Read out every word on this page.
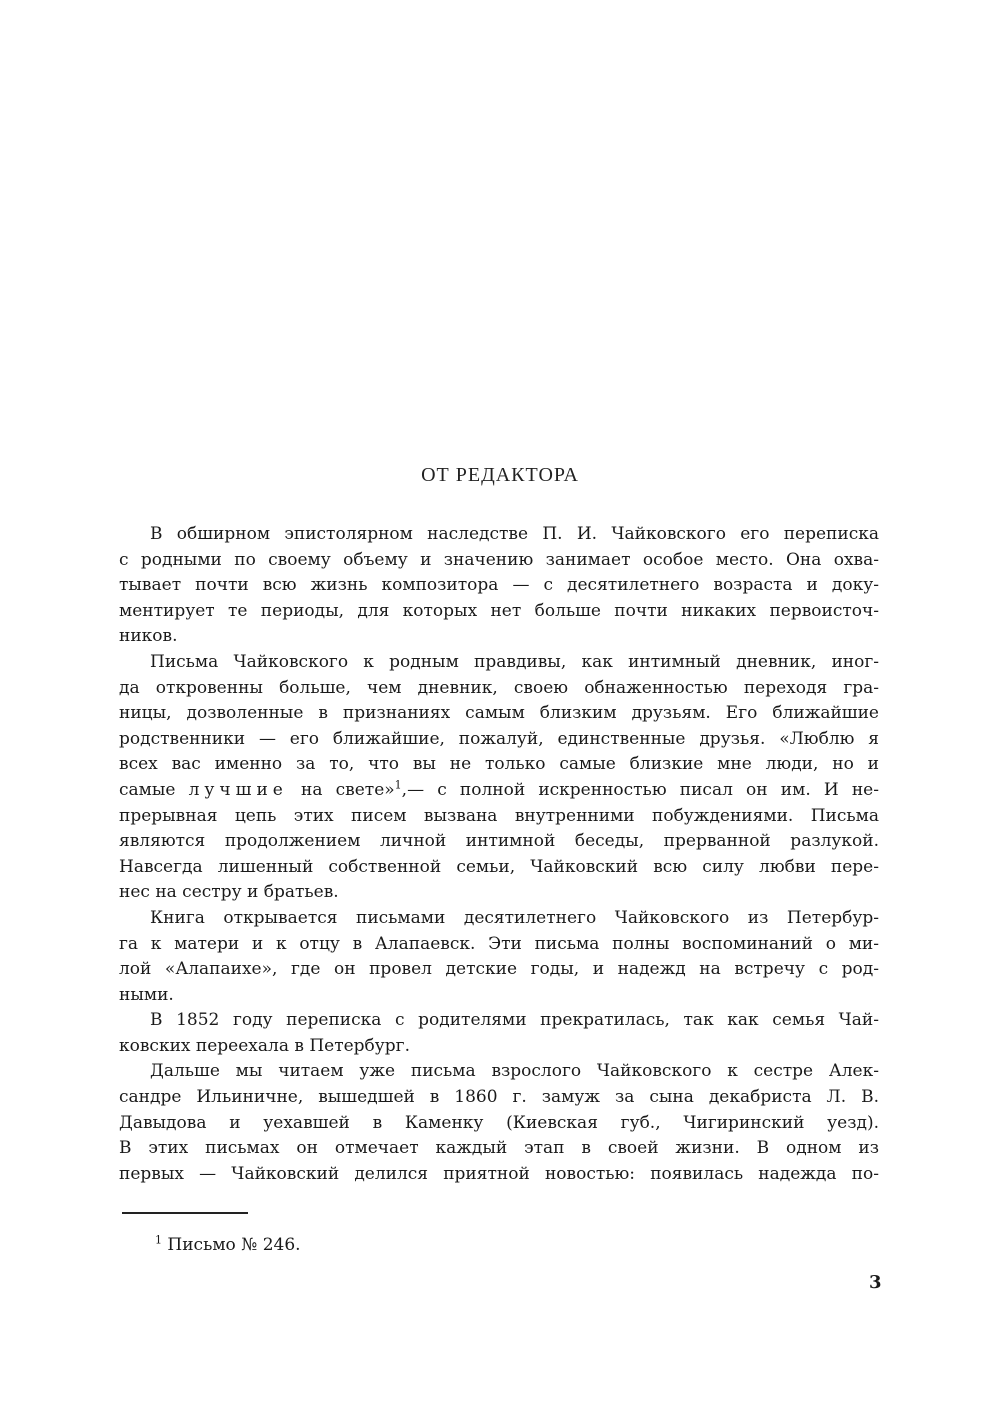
ОТ РЕДАКТОРА
В обширном эпистолярном наследстве П. И. Чайковского его переписка
с родными по своему объему и значению занимает особое место. Она охва-
тывает почти всю жизнь композитора — с десятилетнего возраста и доку-
ментирует те периоды, для которых нет больше почти никаких первоисточ-
ников.
Письма Чайковского к родным правдивы, как интимный дневник, иног-
да откровенны больше, чем дневник, своею обнаженностью переходя гра-
ницы, дозволенные в признаниях самым близким друзьям. Его ближайшие
родственники — его ближайшие, пожалуй, единственные друзья. «Люблю я
всех вас именно за то, что вы не только самые близкие мне люди, но и
самые лучшие на свете»$^1$,— с полной искренностью писал он им. И не-
прерывная цепь этих писем вызвана внутренними побуждениями. Письма
являются продолжением личной интимной беседы, прерванной разлукой.
Навсегда лишенный собственной семьи, Чайковский всю силу любви пере-
нес на сестру и братьев.
Книга открывается письмами десятилетнего Чайковского из Петербур-
га к матери и к отцу в Алапаевск. Эти письма полны воспоминаний о ми-
лой «Алапаихе», где он провел детские годы, и надежд на встречу с род-
ными.
В 1852 году переписка с родителями прекратилась, так как семья Чай-
ковских переехала в Петербург.
Дальше мы читаем уже письма взрослого Чайковского к сестре Алек-
сандре Ильиничне, вышедшей в 1860 г. замуж за сына декабриста Л. В.
Давыдова и уехавшей в Каменку (Киевская губ., Чигиринский уезд).
В этих письмах он отмечает каждый этап в своей жизни. В одном из
первых — Чайковский делился приятной новостью: появилась надежда по-
$^1$ Письмо № 246.
3
